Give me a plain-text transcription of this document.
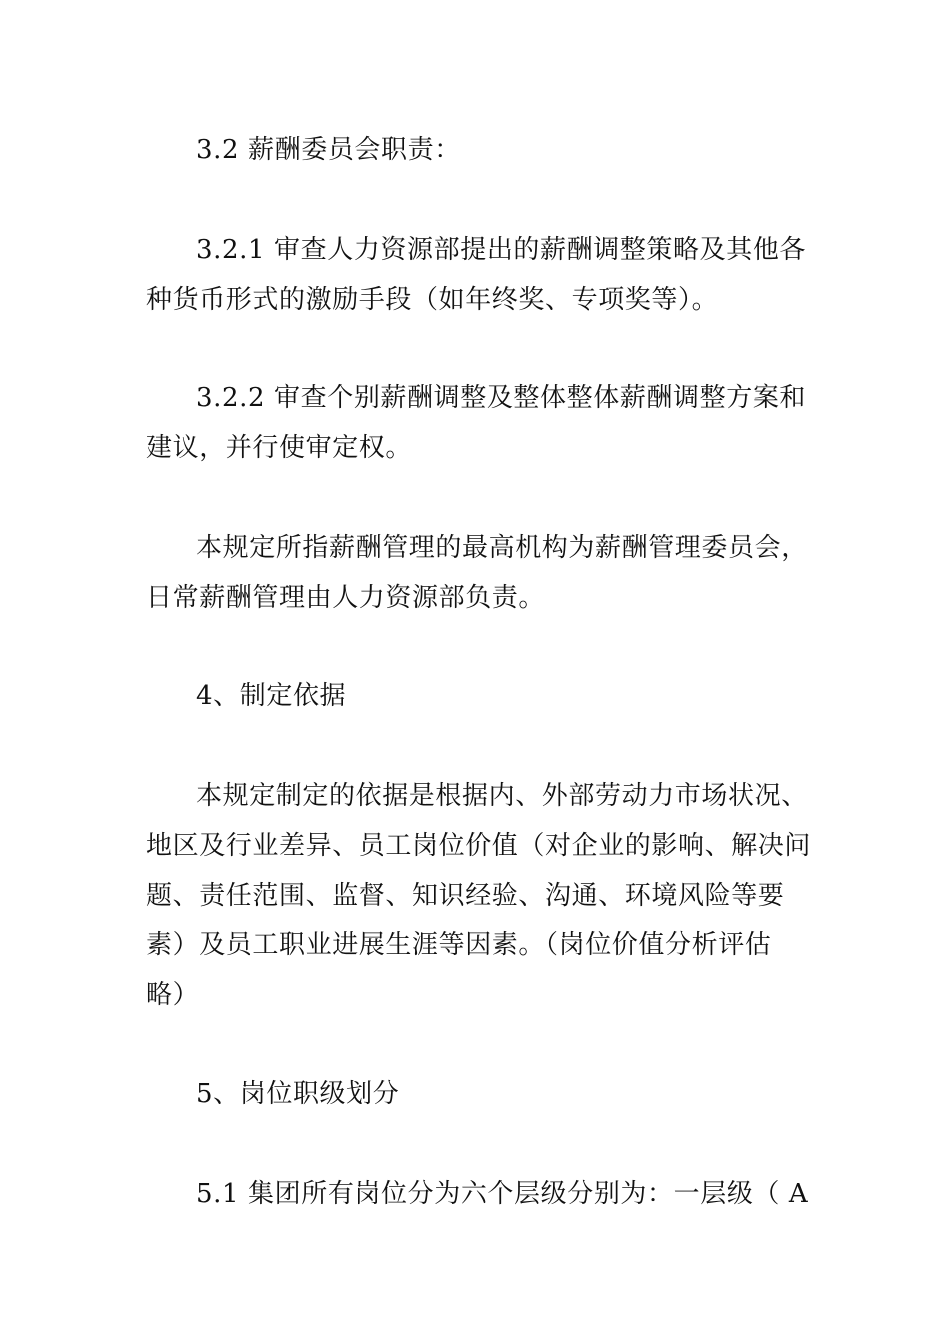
3.2 薪酬委员会职责：
3.2.1 审查人力资源部提出的薪酬调整策略及其他各
种货币形式的激励手段（如年终奖、专项奖等）。
3.2.2 审查个别薪酬调整及整体整体薪酬调整方案和
建议，并行使审定权。
本规定所指薪酬管理的最高机构为薪酬管理委员会，
日常薪酬管理由人力资源部负责。
4、制定依据
本规定制定的依据是根据内、外部劳动力市场状况、
地区及行业差异、员工岗位价值（对企业的影响、解决问
题、责任范围、监督、知识经验、沟通、环境风险等要
素）及员工职业进展生涯等因素。（岗位价值分析评估
略）
5、岗位职级划分
5.1 集团所有岗位分为六个层级分别为：一层级（ A
